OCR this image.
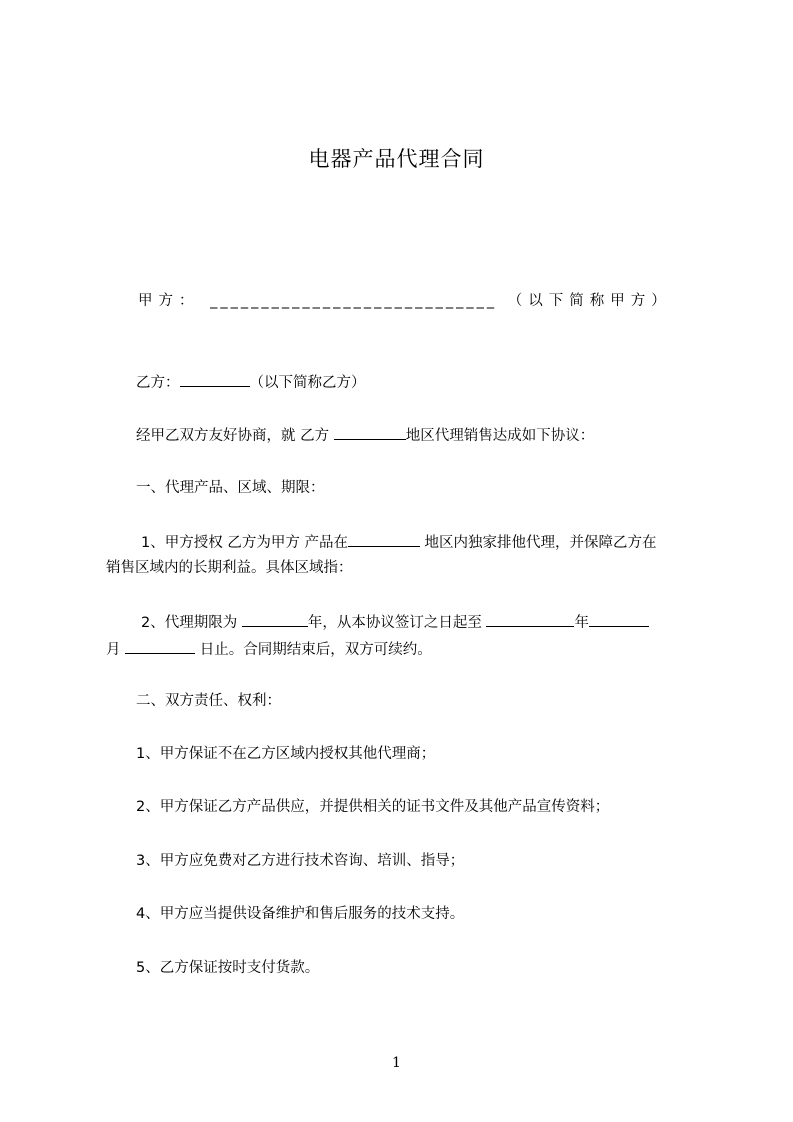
电器产品代理合同
甲方： ____________________________ （以下简称甲方）
乙方：	（以下简称乙方）
经甲乙双方友好协商，就 乙方	地区代理销售达成如下协议：
一、代理产品、区域、期限：
1、甲方授权 乙方为甲方 产品在	地区内独家排他代理，并保障乙方在
销售区域内的长期利益。具体区域指：
2、代理期限为	年，从本协议签订之日起至	年
月	日止。合同期结束后，双方可续约。
二、双方责任、权利：
1、甲方保证不在乙方区域内授权其他代理商；
2、甲方保证乙方产品供应，并提供相关的证书文件及其他产品宣传资料；
3、甲方应免费对乙方进行技术咨询、培训、指导；
4、甲方应当提供设备维护和售后服务的技术支持。
5、乙方保证按时支付货款。
1
